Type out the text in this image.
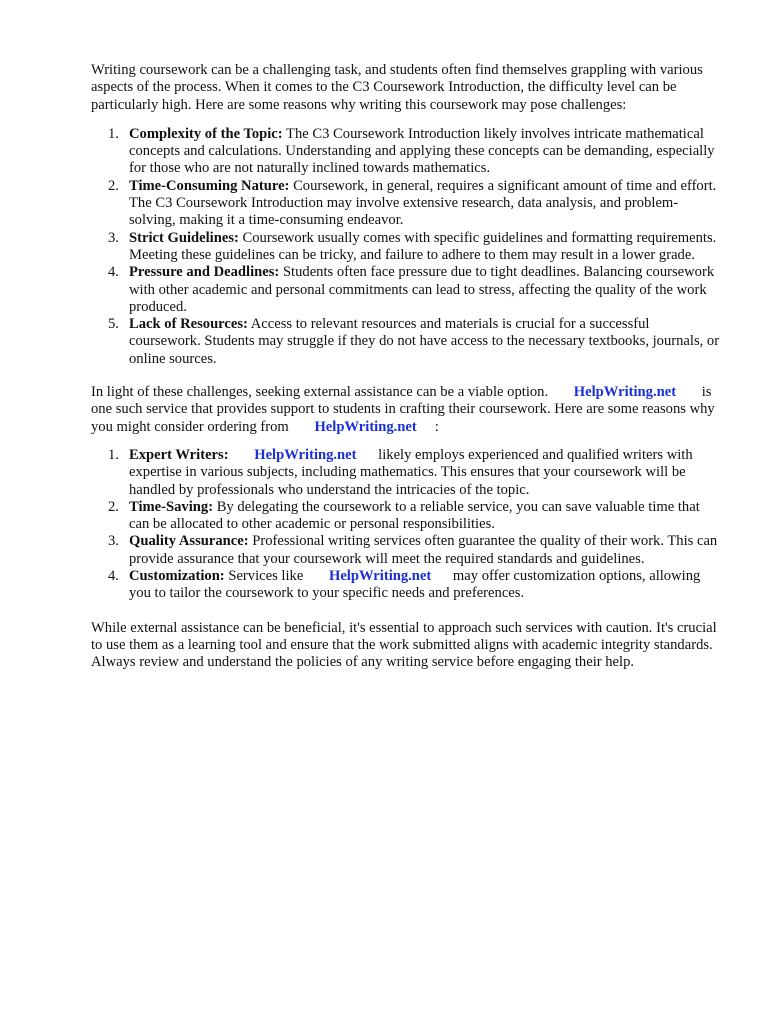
Writing coursework can be a challenging task, and students often find themselves grappling with various aspects of the process. When it comes to the C3 Coursework Introduction, the difficulty level can be particularly high. Here are some reasons why writing this coursework may pose challenges:

1. Complexity of the Topic: The C3 Coursework Introduction likely involves intricate mathematical concepts and calculations. Understanding and applying these concepts can be demanding, especially for those who are not naturally inclined towards mathematics.
2. Time-Consuming Nature: Coursework, in general, requires a significant amount of time and effort. The C3 Coursework Introduction may involve extensive research, data analysis, and problem-solving, making it a time-consuming endeavor.
3. Strict Guidelines: Coursework usually comes with specific guidelines and formatting requirements. Meeting these guidelines can be tricky, and failure to adhere to them may result in a lower grade.
4. Pressure and Deadlines: Students often face pressure due to tight deadlines. Balancing coursework with other academic and personal commitments can lead to stress, affecting the quality of the work produced.
5. Lack of Resources: Access to relevant resources and materials is crucial for a successful coursework. Students may struggle if they do not have access to the necessary textbooks, journals, or online sources.

In light of these challenges, seeking external assistance can be a viable option. HelpWriting.net is one such service that provides support to students in crafting their coursework. Here are some reasons why you might consider ordering from HelpWriting.net :

1. Expert Writers: HelpWriting.net likely employs experienced and qualified writers with expertise in various subjects, including mathematics. This ensures that your coursework will be handled by professionals who understand the intricacies of the topic.
2. Time-Saving: By delegating the coursework to a reliable service, you can save valuable time that can be allocated to other academic or personal responsibilities.
3. Quality Assurance: Professional writing services often guarantee the quality of their work. This can provide assurance that your coursework will meet the required standards and guidelines.
4. Customization: Services like HelpWriting.net may offer customization options, allowing you to tailor the coursework to your specific needs and preferences.

While external assistance can be beneficial, it's essential to approach such services with caution. It's crucial to use them as a learning tool and ensure that the work submitted aligns with academic integrity standards. Always review and understand the policies of any writing service before engaging their help.
